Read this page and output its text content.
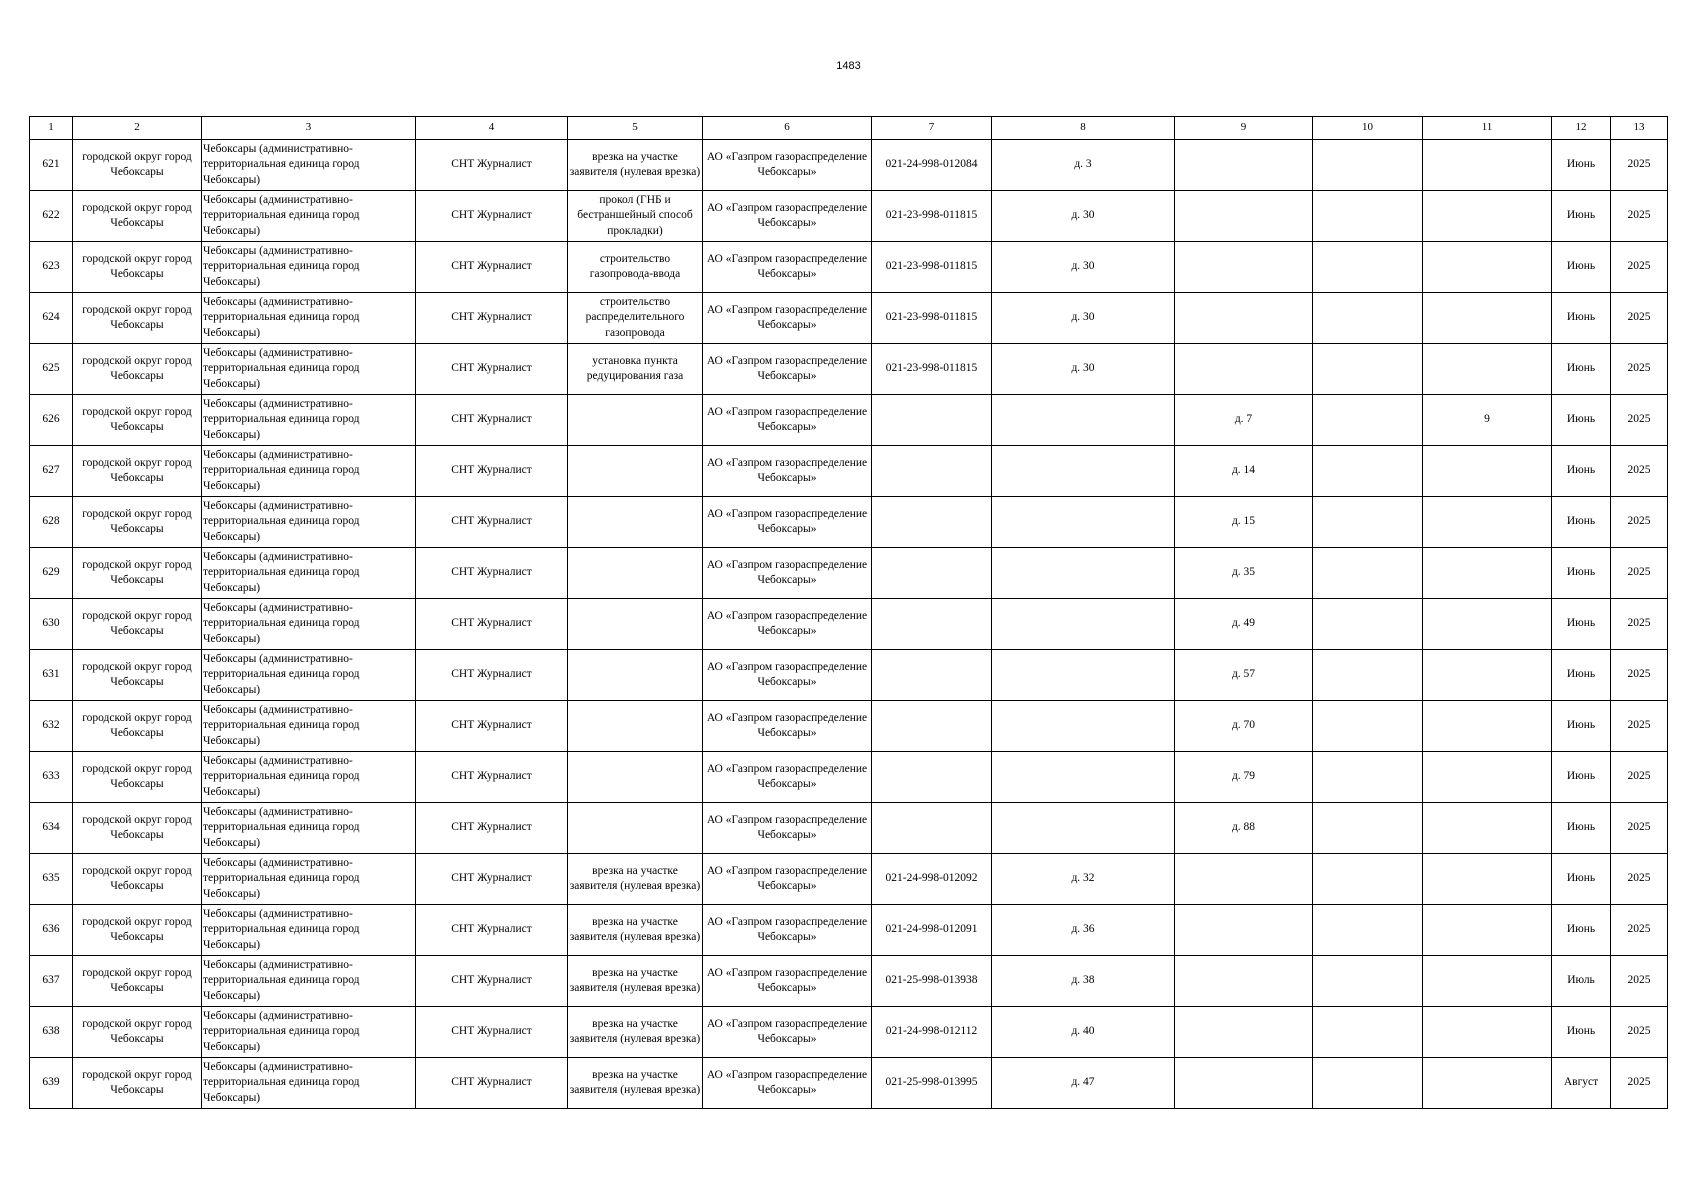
1483
1	2	3	4	5	6	7	8	9	10	11	12	13
621	городской округ город Чебоксары	Чебоксары (административно-территориальная единица город Чебоксары)	СНТ Журналист	врезка на участке заявителя (нулевая врезка)	АО «Газпром газораспределение Чебоксары»	021-24-998-012084	д. 3				Июнь	2025
622	городской округ город Чебоксары	Чебоксары (административно-территориальная единица город Чебоксары)	СНТ Журналист	прокол (ГНБ и бестраншейный способ прокладки)	АО «Газпром газораспределение Чебоксары»	021-23-998-011815	д. 30				Июнь	2025
623	городской округ город Чебоксары	Чебоксары (административно-территориальная единица город Чебоксары)	СНТ Журналист	строительство газопровода-ввода	АО «Газпром газораспределение Чебоксары»	021-23-998-011815	д. 30				Июнь	2025
624	городской округ город Чебоксары	Чебоксары (административно-территориальная единица город Чебоксары)	СНТ Журналист	строительство распределительного газопровода	АО «Газпром газораспределение Чебоксары»	021-23-998-011815	д. 30				Июнь	2025
625	городской округ город Чебоксары	Чебоксары (административно-территориальная единица город Чебоксары)	СНТ Журналист	установка пункта редуцирования газа	АО «Газпром газораспределение Чебоксары»	021-23-998-011815	д. 30				Июнь	2025
626	городской округ город Чебоксары	Чебоксары (административно-территориальная единица город Чебоксары)	СНТ Журналист		АО «Газпром газораспределение Чебоксары»			д. 7		9	Июнь	2025
627	городской округ город Чебоксары	Чебоксары (административно-территориальная единица город Чебоксары)	СНТ Журналист		АО «Газпром газораспределение Чебоксары»			д. 14			Июнь	2025
628	городской округ город Чебоксары	Чебоксары (административно-территориальная единица город Чебоксары)	СНТ Журналист		АО «Газпром газораспределение Чебоксары»			д. 15			Июнь	2025
629	городской округ город Чебоксары	Чебоксары (административно-территориальная единица город Чебоксары)	СНТ Журналист		АО «Газпром газораспределение Чебоксары»			д. 35			Июнь	2025
630	городской округ город Чебоксары	Чебоксары (административно-территориальная единица город Чебоксары)	СНТ Журналист		АО «Газпром газораспределение Чебоксары»			д. 49			Июнь	2025
631	городской округ город Чебоксары	Чебоксары (административно-территориальная единица город Чебоксары)	СНТ Журналист		АО «Газпром газораспределение Чебоксары»			д. 57			Июнь	2025
632	городской округ город Чебоксары	Чебоксары (административно-территориальная единица город Чебоксары)	СНТ Журналист		АО «Газпром газораспределение Чебоксары»			д. 70			Июнь	2025
633	городской округ город Чебоксары	Чебоксары (административно-территориальная единица город Чебоксары)	СНТ Журналист		АО «Газпром газораспределение Чебоксары»			д. 79			Июнь	2025
634	городской округ город Чебоксары	Чебоксары (административно-территориальная единица город Чебоксары)	СНТ Журналист		АО «Газпром газораспределение Чебоксары»			д. 88			Июнь	2025
635	городской округ город Чебоксары	Чебоксары (административно-территориальная единица город Чебоксары)	СНТ Журналист	врезка на участке заявителя (нулевая врезка)	АО «Газпром газораспределение Чебоксары»	021-24-998-012092	д. 32				Июнь	2025
636	городской округ город Чебоксары	Чебоксары (административно-территориальная единица город Чебоксары)	СНТ Журналист	врезка на участке заявителя (нулевая врезка)	АО «Газпром газораспределение Чебоксары»	021-24-998-012091	д. 36				Июнь	2025
637	городской округ город Чебоксары	Чебоксары (административно-территориальная единица город Чебоксары)	СНТ Журналист	врезка на участке заявителя (нулевая врезка)	АО «Газпром газораспределение Чебоксары»	021-25-998-013938	д. 38				Июль	2025
638	городской округ город Чебоксары	Чебоксары (административно-территориальная единица город Чебоксары)	СНТ Журналист	врезка на участке заявителя (нулевая врезка)	АО «Газпром газораспределение Чебоксары»	021-24-998-012112	д. 40				Июнь	2025
639	городской округ город Чебоксары	Чебоксары (административно-территориальная единица город Чебоксары)	СНТ Журналист	врезка на участке заявителя (нулевая врезка)	АО «Газпром газораспределение Чебоксары»	021-25-998-013995	д. 47				Август	2025
